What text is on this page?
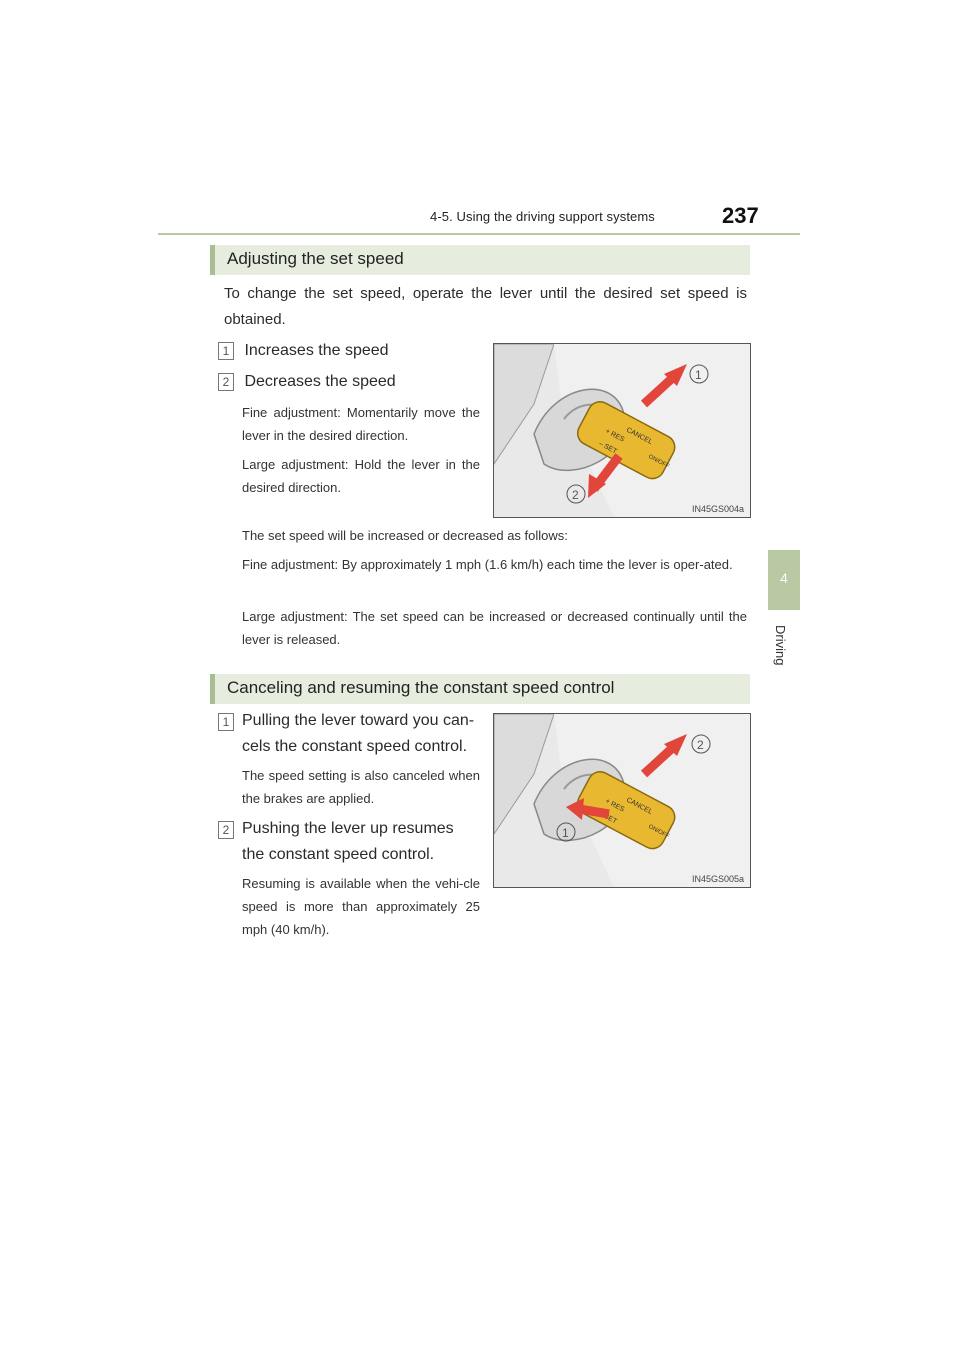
4-5. Using the driving support systems	237
4
Driving
Adjusting the set speed
To change the set speed, operate the lever until the desired set speed is obtained.
1 Increases the speed
2 Decreases the speed
Fine adjustment: Momentarily move the lever in the desired direction.
Large adjustment: Hold the lever in the desired direction.
CANCEL
+ RES
– SET
ON/OFF
1
2
IN45GS004a
The set speed will be increased or decreased as follows:
Fine adjustment: By approximately 1 mph (1.6 km/h) each time the lever is oper-ated.
Large adjustment: The set speed can be increased or decreased continually until the lever is released.
Canceling and resuming the constant speed control
1 Pulling the lever toward you can-cels the constant speed control.
The speed setting is also canceled when the brakes are applied.
2 Pushing the lever up resumes the constant speed control.
Resuming is available when the vehi-cle speed is more than approximately 25 mph (40 km/h).
CANCEL
+ RES
– SET
ON/OFF
2
1
IN45GS005a
